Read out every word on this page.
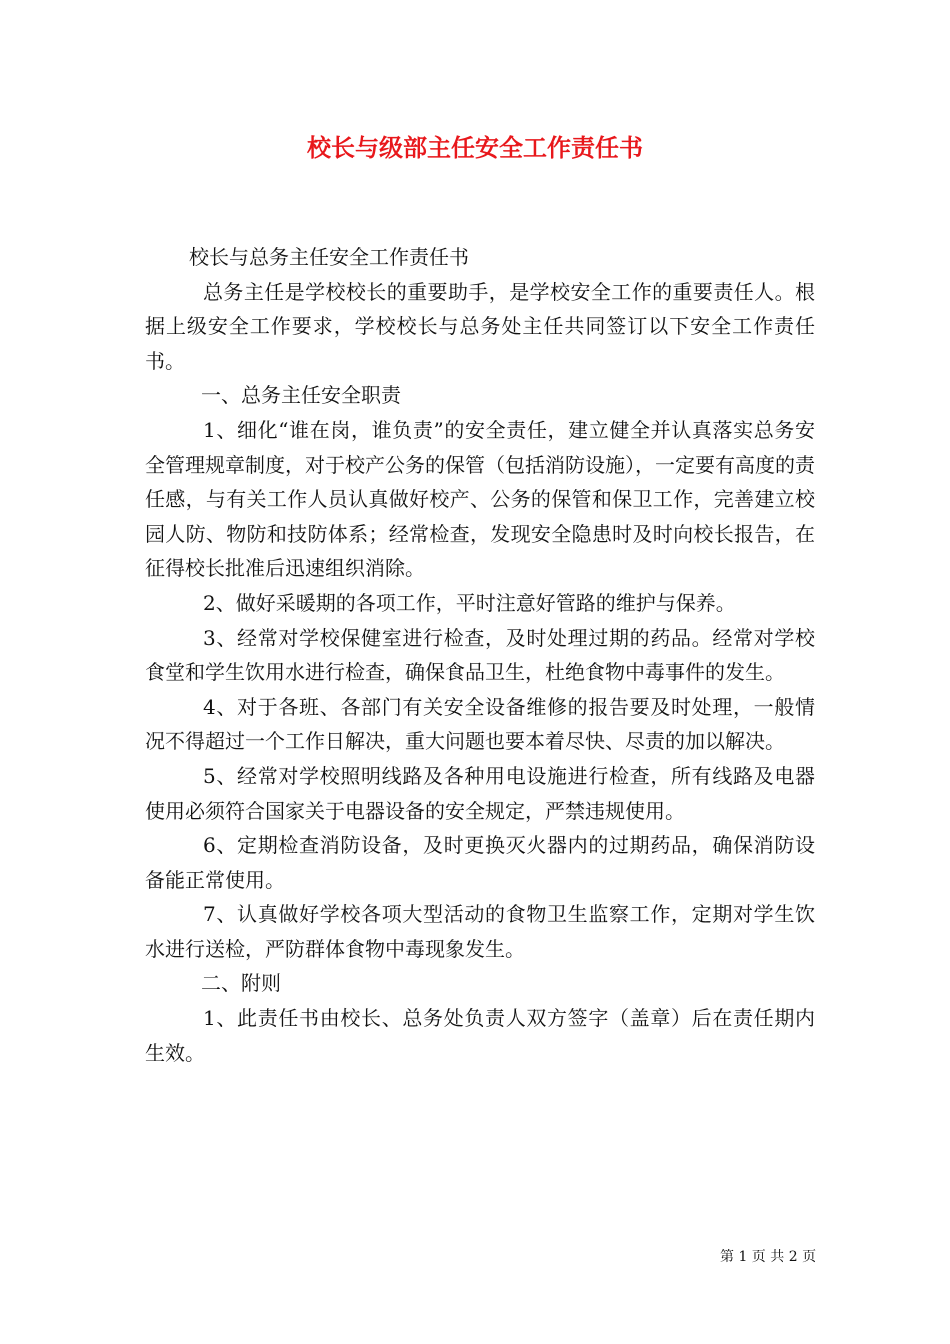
校长与级部主任安全工作责任书

校长与总务主任安全工作责任书

总务主任是学校校长的重要助手，是学校安全工作的重要责任人。根据上级安全工作要求，学校校长与总务处主任共同签订以下安全工作责任书。

一、总务主任安全职责

1、细化“谁在岗，谁负责”的安全责任，建立健全并认真落实总务安全管理规章制度，对于校产公务的保管（包括消防设施），一定要有高度的责任感，与有关工作人员认真做好校产、公务的保管和保卫工作，完善建立校园人防、物防和技防体系；经常检查，发现安全隐患时及时向校长报告，在征得校长批准后迅速组织消除。

2、做好采暖期的各项工作，平时注意好管路的维护与保养。

3、经常对学校保健室进行检查，及时处理过期的药品。经常对学校食堂和学生饮用水进行检查，确保食品卫生，杜绝食物中毒事件的发生。

4、对于各班、各部门有关安全设备维修的报告要及时处理，一般情况不得超过一个工作日解决，重大问题也要本着尽快、尽责的加以解决。

5、经常对学校照明线路及各种用电设施进行检查，所有线路及电器使用必须符合国家关于电器设备的安全规定，严禁违规使用。

6、定期检查消防设备，及时更换灭火器内的过期药品，确保消防设备能正常使用。

7、认真做好学校各项大型活动的食物卫生监察工作，定期对学生饮水进行送检，严防群体食物中毒现象发生。

二、附则

1、此责任书由校长、总务处负责人双方签字（盖章）后在责任期内生效。

第 1 页 共 2 页
